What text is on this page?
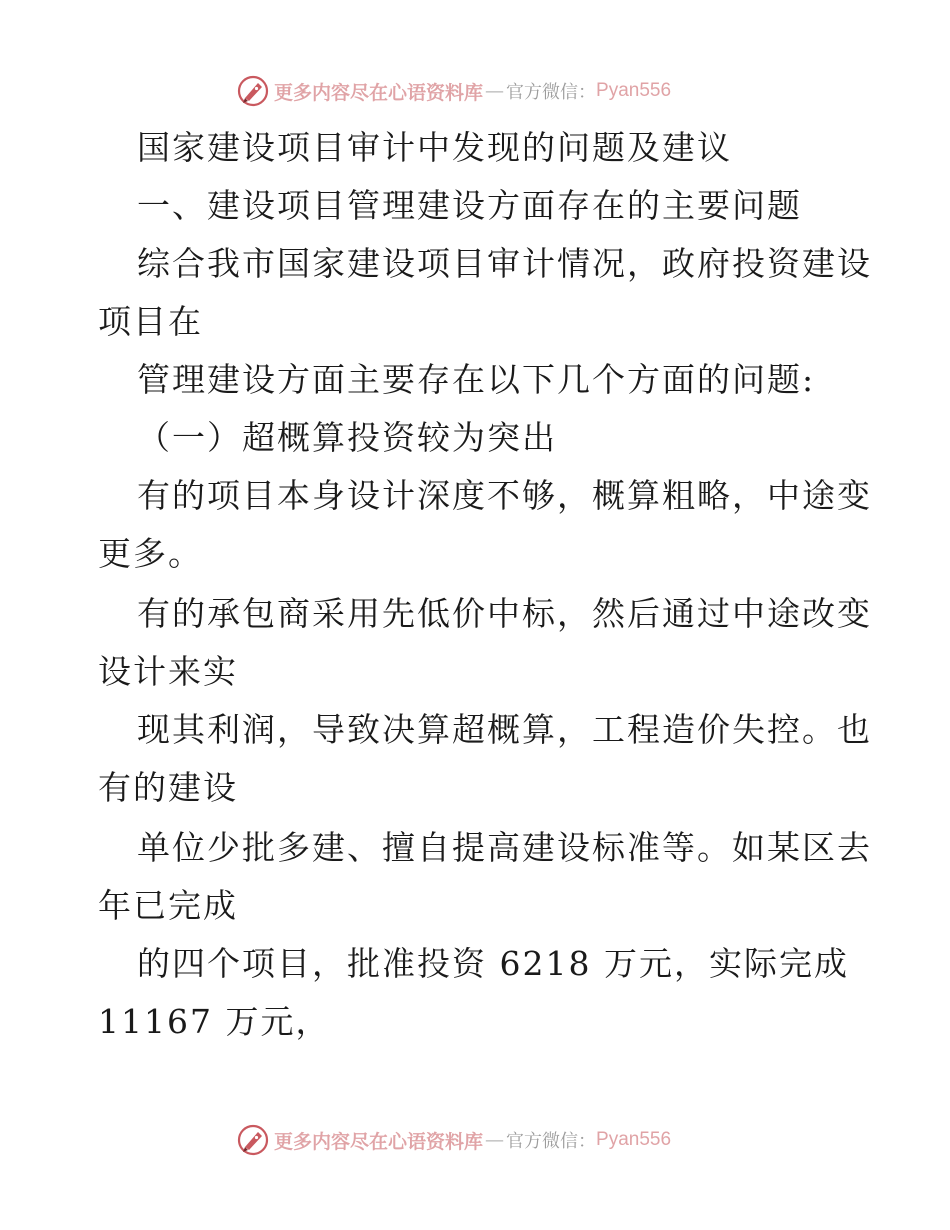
更多内容尽在心语资料库 — 官方微信： Pyan556
国家建设项目审计中发现的问题及建议
一、建设项目管理建设方面存在的主要问题
综合我市国家建设项目审计情况，政府投资建设
项目在
管理建设方面主要存在以下几个方面的问题:
（一）超概算投资较为突出
有的项目本身设计深度不够，概算粗略，中途变
更多。
有的承包商采用先低价中标，然后通过中途改变
设计来实
现其利润，导致决算超概算，工程造价失控。也
有的建设
单位少批多建、擅自提高建设标准等。如某区去
年已完成
的四个项目，批准投资 6218 万元，实际完成
11167 万元，
更多内容尽在心语资料库 — 官方微信： Pyan556
